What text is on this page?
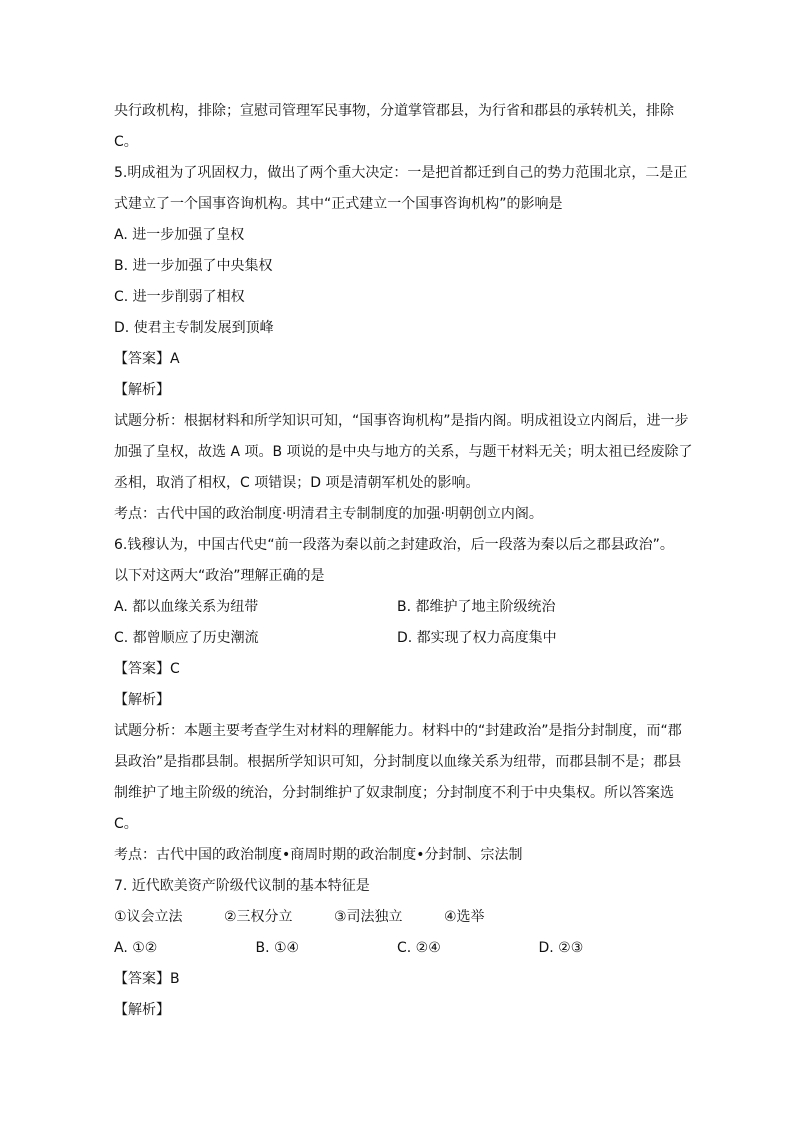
央行政机构，排除；宣慰司管理军民事物，分道掌管郡县，为行省和郡县的承转机关，排除
C。
5.明成祖为了巩固权力，做出了两个重大决定：一是把首都迁到自己的势力范围北京，二是正
式建立了一个国事咨询机构。其中“正式建立一个国事咨询机构”的影响是
A. 进一步加强了皇权
B. 进一步加强了中央集权
C. 进一步削弱了相权
D. 使君主专制发展到顶峰
【答案】A
【解析】
试题分析：根据材料和所学知识可知，“国事咨询机构”是指内阁。明成祖设立内阁后，进一步
加强了皇权，故选 A 项。B 项说的是中央与地方的关系，与题干材料无关；明太祖已经废除了
丞相，取消了相权，C 项错误；D 项是清朝军机处的影响。
考点：古代中国的政治制度·明清君主专制制度的加强·明朝创立内阁。
6.钱穆认为，中国古代史“前一段落为秦以前之封建政治，后一段落为秦以后之郡县政治”。
以下对这两大“政治”理解正确的是
A. 都以血缘关系为纽带	B. 都维护了地主阶级统治
C. 都曾顺应了历史潮流	D. 都实现了权力高度集中
【答案】C
【解析】
试题分析：本题主要考查学生对材料的理解能力。材料中的“封建政治”是指分封制度，而“郡
县政治”是指郡县制。根据所学知识可知，分封制度以血缘关系为纽带，而郡县制不是；郡县
制维护了地主阶级的统治，分封制维护了奴隶制度；分封制度不利于中央集权。所以答案选
C。
考点：古代中国的政治制度•商周时期的政治制度•分封制、宗法制
7. 近代欧美资产阶级代议制的基本特征是
①议会立法	②三权分立	③司法独立	④选举
A. ①②	B. ①④	C. ②④	D. ②③
【答案】B
【解析】
